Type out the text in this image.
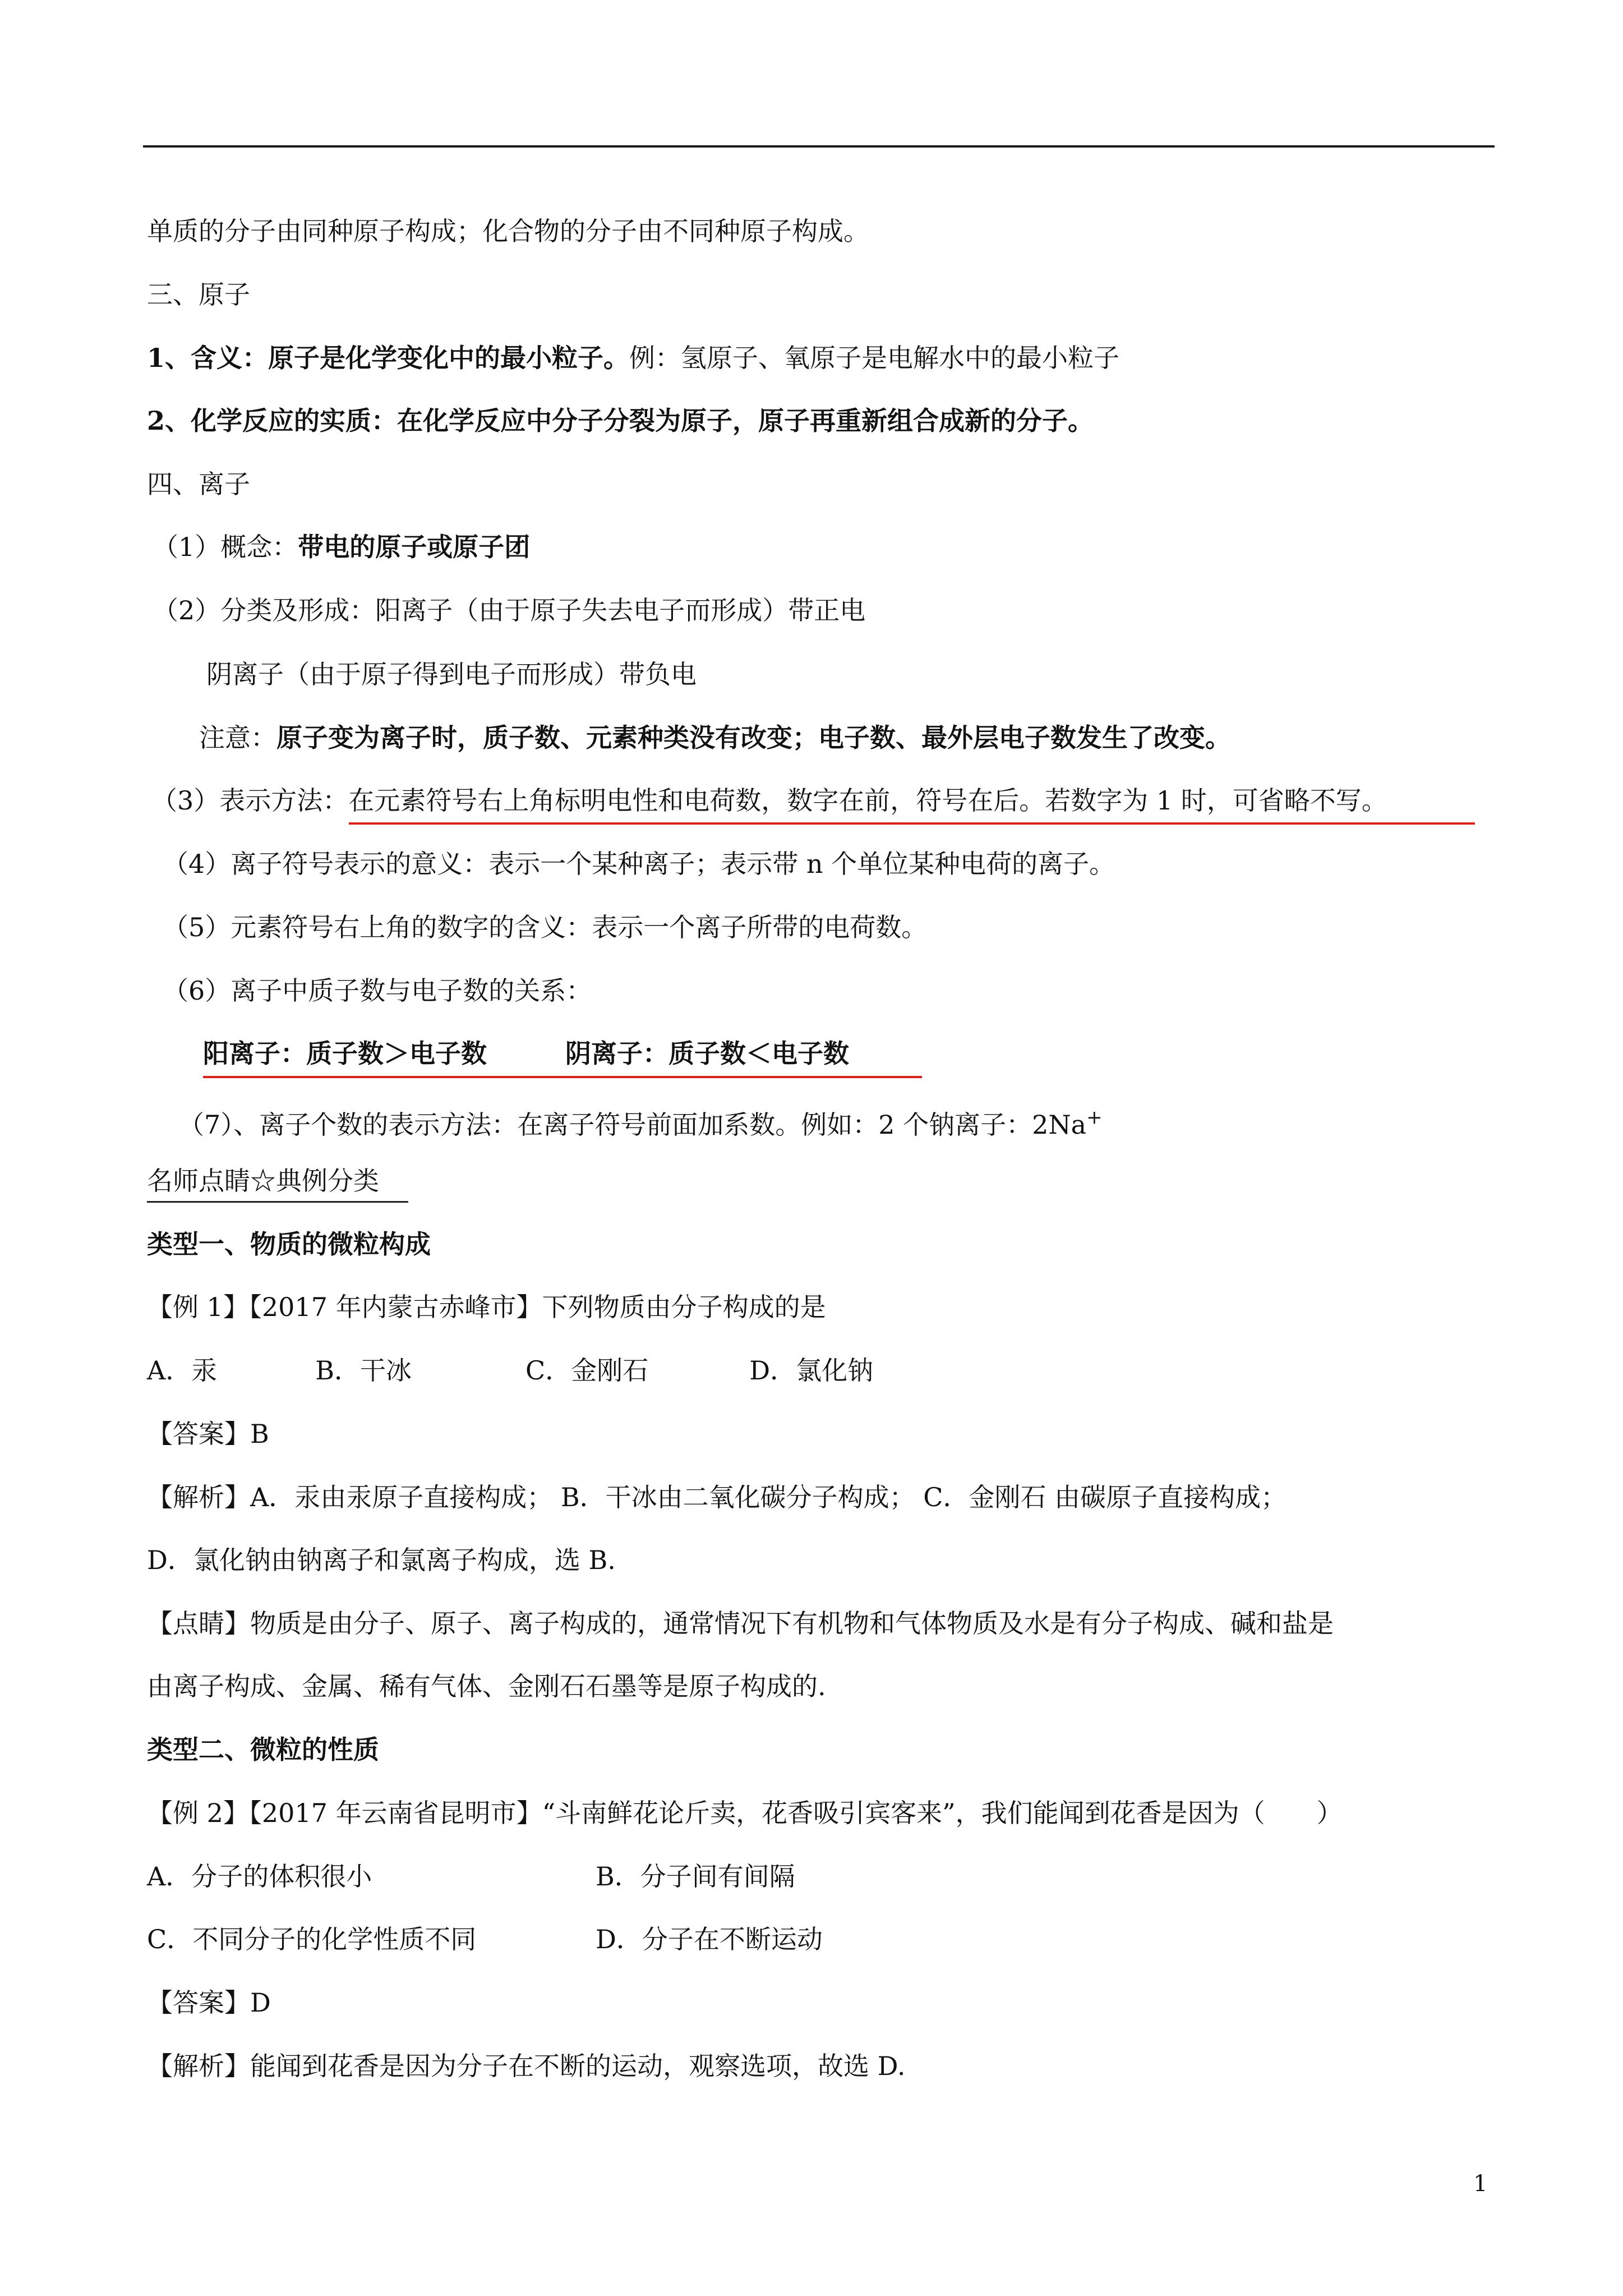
单质的分子由同种原子构成；化合物的分子由不同种原子构成。
三、原子
1、含义：原子是化学变化中的最小粒子。例：氢原子、氧原子是电解水中的最小粒子
2、化学反应的实质：在化学反应中分子分裂为原子，原子再重新组合成新的分子。
四、离子
（1）概念：带电的原子或原子团
（2）分类及形成：阳离子（由于原子失去电子而形成）带正电
阴离子（由于原子得到电子而形成）带负电
注意：原子变为离子时，质子数、元素种类没有改变；电子数、最外层电子数发生了改变。
（3）表示方法：在元素符号右上角标明电性和电荷数，数字在前，符号在后。若数字为 1 时，可省略不写。
（4）离子符号表示的意义：表示一个某种离子；表示带 n 个单位某种电荷的离子。
（5）元素符号右上角的数字的含义：表示一个离子所带的电荷数。
（6）离子中质子数与电子数的关系：
阳离子：质子数＞电子数	阴离子：质子数＜电子数
（7）、离子个数的表示方法：在离子符号前面加系数。例如：2 个钠离子：2Na+
名师点睛☆典例分类
类型一、物质的微粒构成
【例 1】【2017 年内蒙古赤峰市】下列物质由分子构成的是
A．汞	B．干冰	C．金刚石	D．氯化钠
【答案】B
【解析】A．汞由汞原子直接构成； B．干冰由二氧化碳分子构成； C．金刚石 由碳原子直接构成；
D．氯化钠由钠离子和氯离子构成，选 B.
【点睛】物质是由分子、原子、离子构成的，通常情况下有机物和气体物质及水是有分子构成、碱和盐是
由离子构成、金属、稀有气体、金刚石石墨等是原子构成的.
类型二、微粒的性质
【例 2】【2017 年云南省昆明市】“斗南鲜花论斤卖，花香吸引宾客来”，我们能闻到花香是因为（　　）
A．分子的体积很小	B．分子间有间隔
C．不同分子的化学性质不同	D．分子在不断运动
【答案】D
【解析】能闻到花香是因为分子在不断的运动，观察选项，故选 D.
1
